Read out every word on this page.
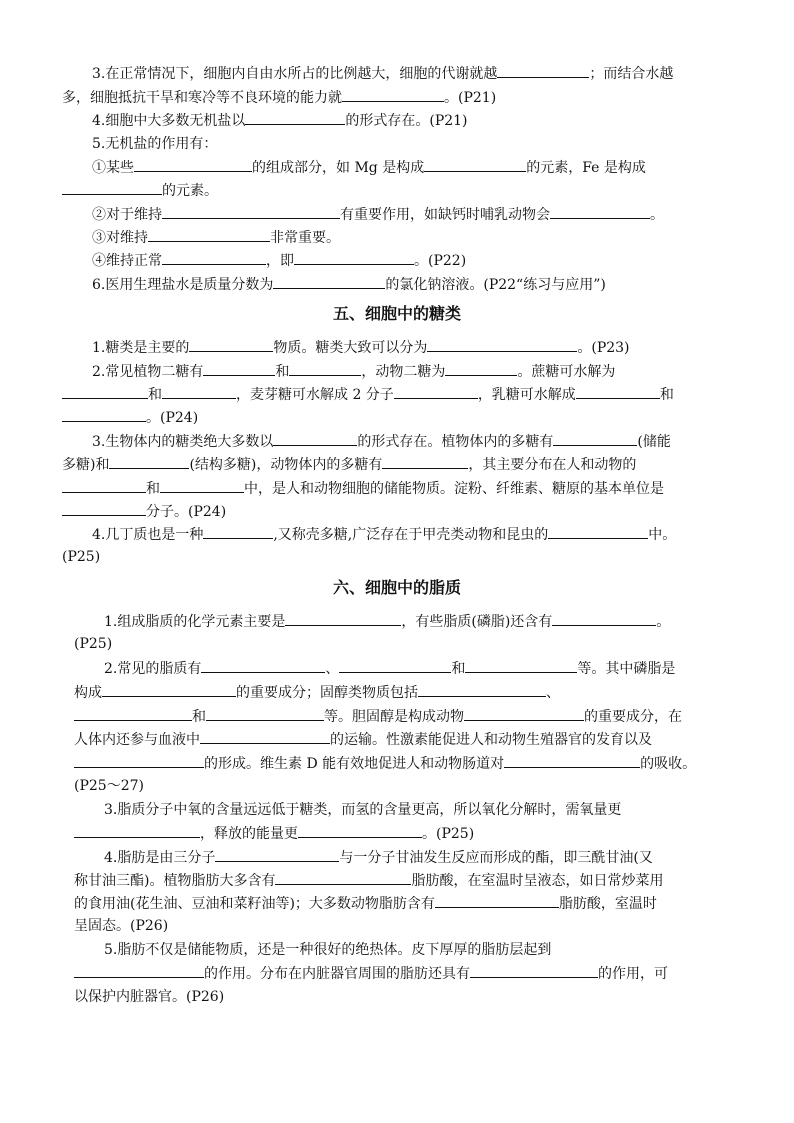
3.在正常情况下，细胞内自由水所占的比例越大，细胞的代谢就越	；而结合水越
多，细胞抵抗干旱和寒冷等不良环境的能力就	。(P21)
4.细胞中大多数无机盐以	的形式存在。(P21)
5.无机盐的作用有：
①某些	的组成部分，如 Mg 是构成	的元素，Fe 是构成
的元素。
②对于维持	有重要作用，如缺钙时哺乳动物会	。
③对维持	非常重要。
④维持正常	，即	。(P22)
6.医用生理盐水是质量分数为	的氯化钠溶液。(P22“练习与应用”)
五、细胞中的糖类
1.糖类是主要的	物质。糖类大致可以分为	。(P23)
2.常见植物二糖有	和	，动物二糖为	。蔗糖可水解为
和	，麦芽糖可水解成 2 分子	，乳糖可水解成	和
。(P24)
3.生物体内的糖类绝大多数以	的形式存在。植物体内的多糖有	(储能
多糖)和	(结构多糖)，动物体内的多糖有	，其主要分布在人和动物的
和	中，是人和动物细胞的储能物质。淀粉、纤维素、糖原的基本单位是
分子。(P24)
4.几丁质也是一种	,又称壳多糖,广泛存在于甲壳类动物和昆虫的	中。
(P25)
六、细胞中的脂质
1.组成脂质的化学元素主要是	，有些脂质(磷脂)还含有	。
(P25)
2.常见的脂质有	、	和	等。其中磷脂是
构成	的重要成分；固醇类物质包括	、
和	等。胆固醇是构成动物	的重要成分，在
人体内还参与血液中	的运输。性激素能促进人和动物生殖器官的发育以及
的形成。维生素 D 能有效地促进人和动物肠道对	的吸收。
(P25～27)
3.脂质分子中氧的含量远远低于糖类，而氢的含量更高，所以氧化分解时，需氧量更
，释放的能量更	。(P25)
4.脂肪是由三分子	与一分子甘油发生反应而形成的酯，即三酰甘油(又
称甘油三酯)。植物脂肪大多含有	脂肪酸，在室温时呈液态，如日常炒菜用
的食用油(花生油、豆油和菜籽油等)；大多数动物脂肪含有	脂肪酸，室温时
呈固态。(P26)
5.脂肪不仅是储能物质，还是一种很好的绝热体。皮下厚厚的脂肪层起到
的作用。分布在内脏器官周围的脂肪还具有	的作用，可
以保护内脏器官。(P26)
